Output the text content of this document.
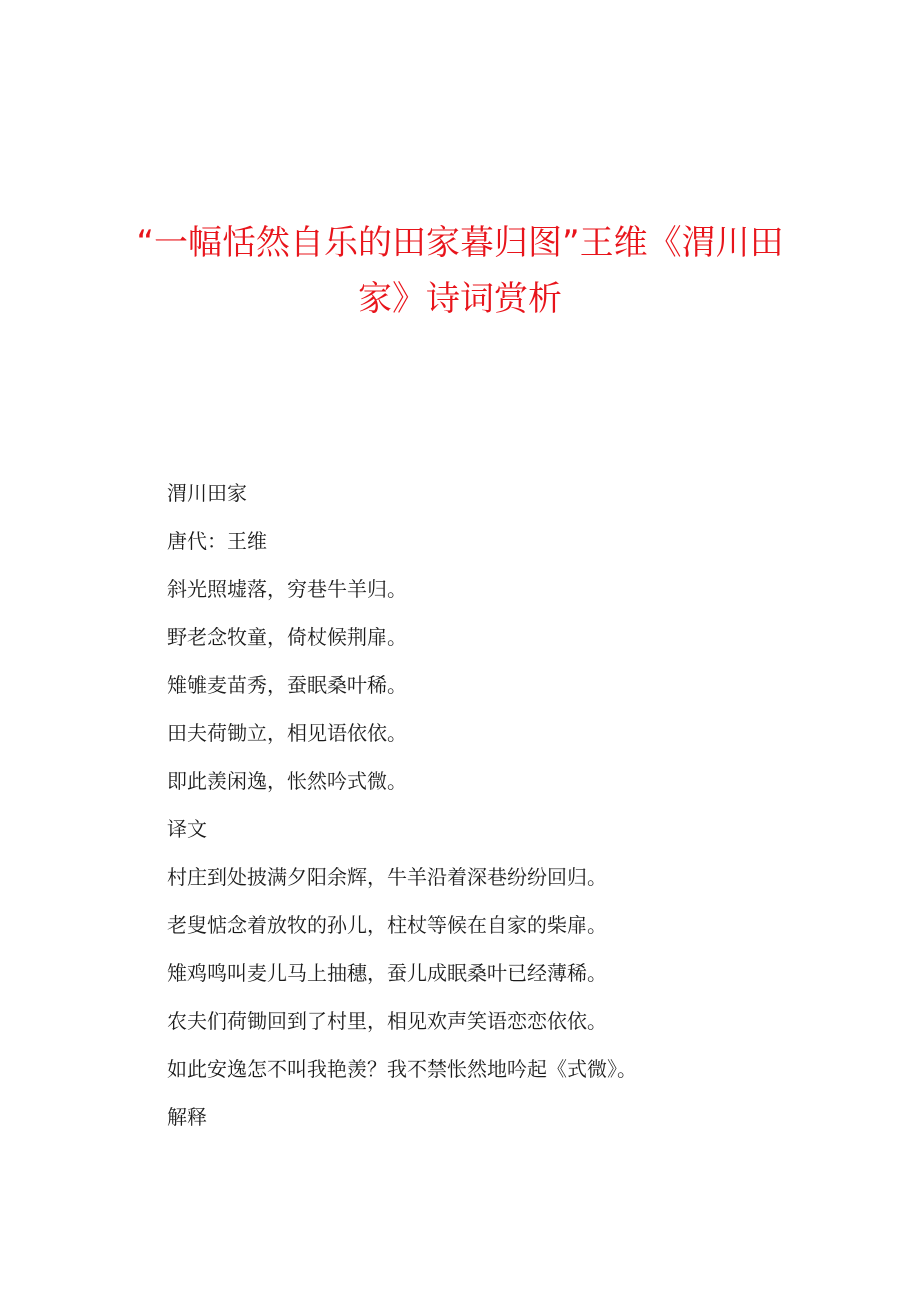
“一幅恬然自乐的田家暮归图”王维《渭川田
家》诗词赏析

渭川田家

唐代：王维

斜光照墟落，穷巷牛羊归。

野老念牧童，倚杖候荆扉。

雉雊麦苗秀，蚕眠桑叶稀。

田夫荷锄立，相见语依依。

即此羡闲逸，怅然吟式微。

译文

村庄到处披满夕阳余辉，牛羊沿着深巷纷纷回归。

老叟惦念着放牧的孙儿，柱杖等候在自家的柴扉。

雉鸡鸣叫麦儿马上抽穗，蚕儿成眠桑叶已经薄稀。

农夫们荷锄回到了村里，相见欢声笑语恋恋依依。

如此安逸怎不叫我艳羡？我不禁怅然地吟起《式微》。

解释
